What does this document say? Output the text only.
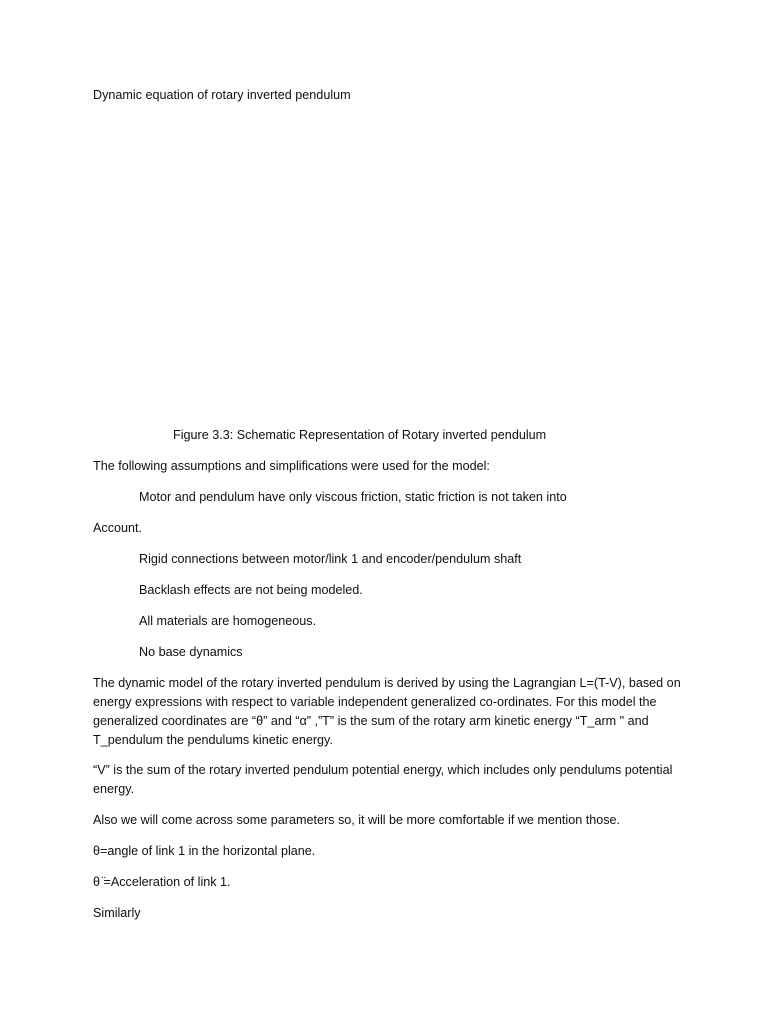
Dynamic equation of rotary inverted pendulum

Figure 3.3: Schematic Representation of Rotary inverted pendulum

The following assumptions and simplifications were used for the model:

Motor and pendulum have only viscous friction, static friction is not taken into

Account.

Rigid connections between motor/link 1 and encoder/pendulum shaft

Backlash effects are not being modeled.

All materials are homogeneous.

No base dynamics

The dynamic model of the rotary inverted pendulum is derived by using the Lagrangian L=(T-V), based on energy expressions with respect to variable independent generalized co-ordinates. For this model the generalized coordinates are “θ” and “α” ,”T” is the sum of the rotary arm kinetic energy “T_arm " and T_pendulum the pendulums kinetic energy.

“V” is the sum of the rotary inverted pendulum potential energy, which includes only pendulums potential energy.

Also we will come across some parameters so, it will be more comfortable if we mention those.

θ=angle of link 1 in the horizontal plane.

θ ̈=Acceleration of link 1.

Similarly
